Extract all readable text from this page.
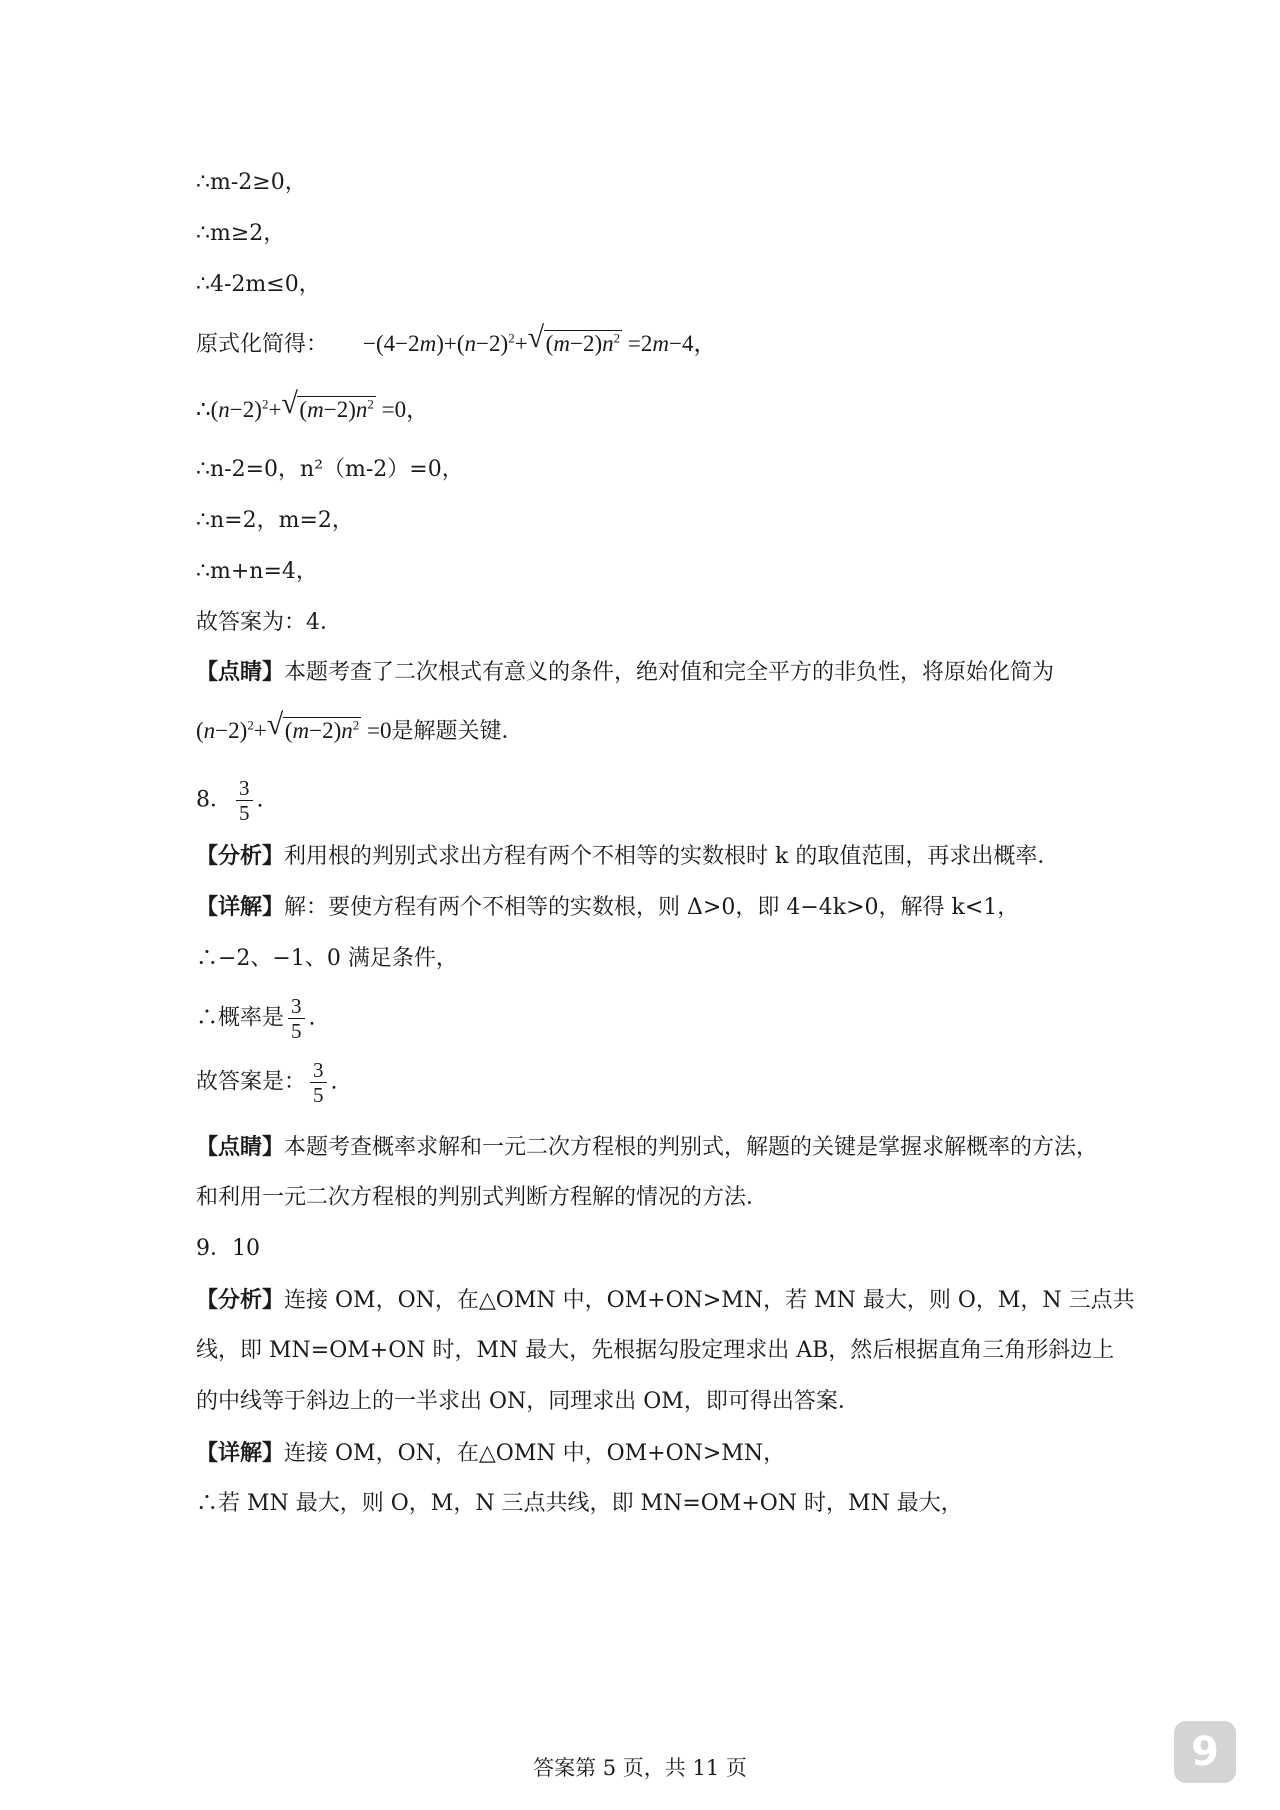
∴m-2≥0，
∴m≥2，
∴4-2m≤0，
原式化简得： $-(4-2m)+(n-2)^2+√$ $(m-2)n^2 =2m-4$，
$\therefore(n-2)^2+√$ $(m-2)n^2 =0$，
∴n-2=0，n²（m-2）=0，
∴n=2，m=2，
∴m+n=4，
故答案为：4．
【点睛】本题考查了二次根式有意义的条件，绝对值和完全平方的非负性，将原始化简为
$(n-2)^2+√$ $(m-2)n^2 =0$是解题关键．
8． $\frac{3}{5}$ .
【分析】利用根的判别式求出方程有两个不相等的实数根时 k 的取值范围，再求出概率．
【详解】解：要使方程有两个不相等的实数根，则 Δ>0，即 4−4k>0，解得 k<1，
∴−2、−1、0 满足条件，
∴概率是 $\frac{3}{5}$ .
故答案是： $\frac{3}{5}$ .
【点睛】本题考查概率求解和一元二次方程根的判别式，解题的关键是掌握求解概率的方法，
和利用一元二次方程根的判别式判断方程解的情况的方法．
9．10
【分析】连接 OM，ON，在△OMN 中，OM+ON>MN，若 MN 最大，则 O，M，N 三点共
线，即 MN=OM+ON 时，MN 最大，先根据勾股定理求出 AB，然后根据直角三角形斜边上
的中线等于斜边上的一半求出 ON，同理求出 OM，即可得出答案．
【详解】连接 OM，ON，在△OMN 中，OM+ON>MN，
∴若 MN 最大，则 O，M，N 三点共线，即 MN=OM+ON 时，MN 最大，
答案第 5 页，共 11 页	9
